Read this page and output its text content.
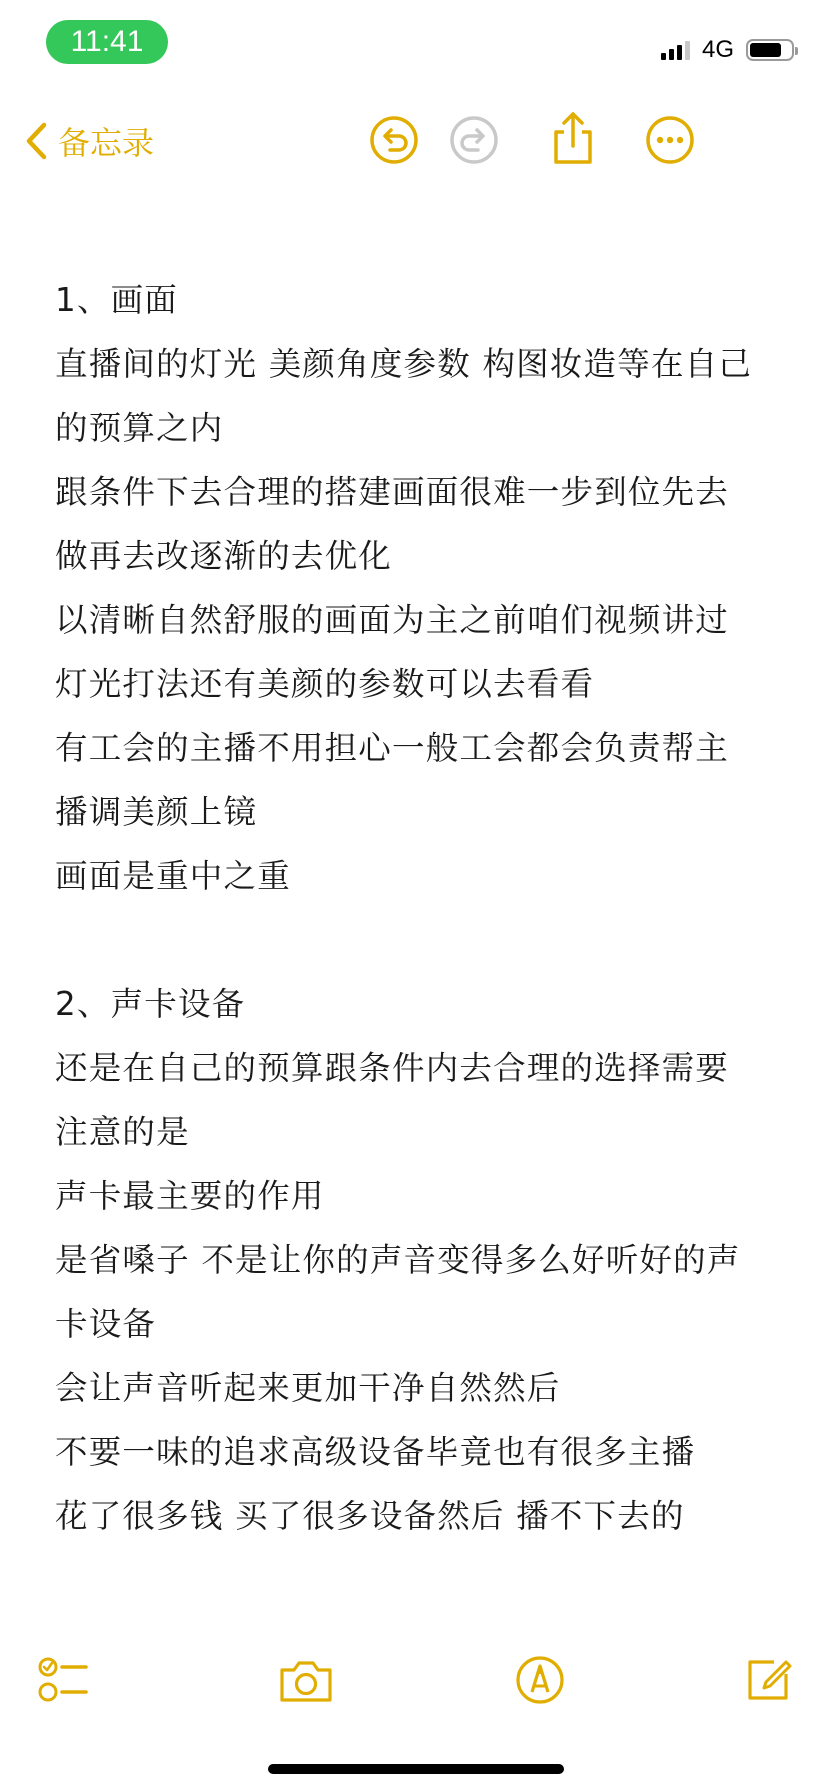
1、画面
直播间的灯光 美颜角度参数 构图妆造等在自己
的预算之内
跟条件下去合理的搭建画面很难一步到位先去
做再去改逐渐的去优化
以清晰自然舒服的画面为主之前咱们视频讲过
灯光打法还有美颜的参数可以去看看
有工会的主播不用担心一般工会都会负责帮主
播调美颜上镜
画面是重中之重
2、声卡设备
还是在自己的预算跟条件内去合理的选择需要
注意的是
声卡最主要的作用
是省嗓子 不是让你的声音变得多么好听好的声
卡设备
会让声音听起来更加干净自然然后
不要一味的追求高级设备毕竟也有很多主播
花了很多钱 买了很多设备然后 播不下去的
11:41	4G
备忘录
